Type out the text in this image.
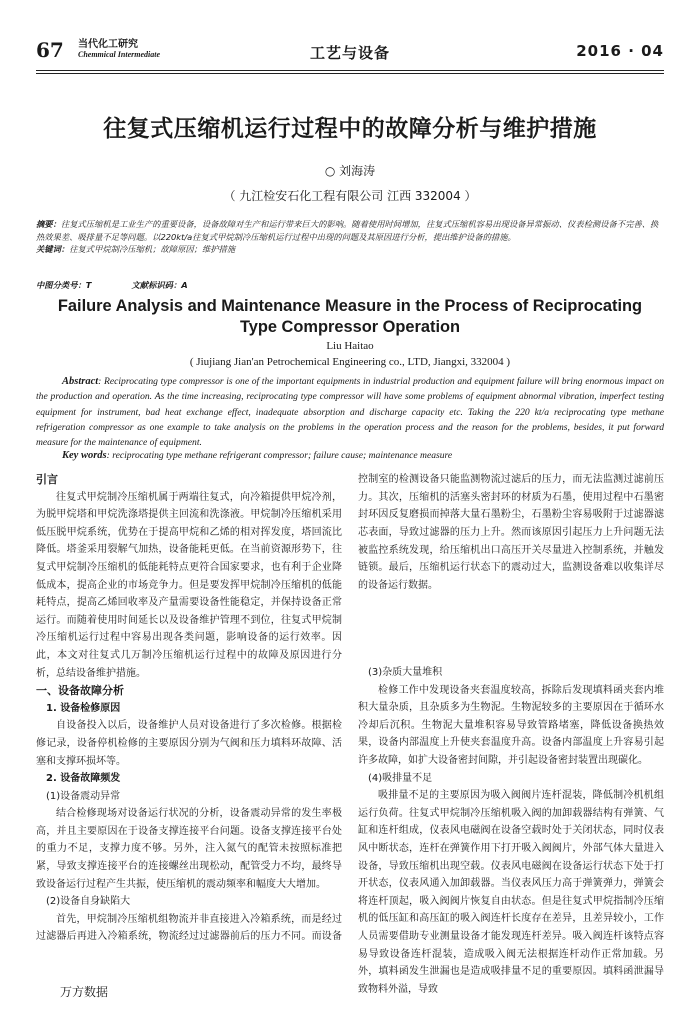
67 当代化工研究
Chemmical Intermediate	工艺与设备	2016 · 04
往复式压缩机运行过程中的故障分析与维护措施
○ 刘海涛
（ 九江检安石化工程有限公司 江西 332004 ）
摘要：往复式压缩机是工业生产的重要设备，设备故障对生产和运行带来巨大的影响。随着使用时间增加，往复式压缩机容易出现设备异常振动、仪表检测设备不完善、换热效果差、吸排量不足等问题。以220kt/a往复式甲烷制冷压缩机运行过程中出现的问题及其原因进行分析，提出维护设备的措施。
关键词：往复式甲烷制冷压缩机；故障原因；维护措施
中图分类号：T	文献标识码：A
Failure Analysis and Maintenance Measure in the Process of Reciprocating
Type Compressor Operation
Liu Haitao
( Jiujiang Jian'an Petrochemical Engineering co., LTD, Jiangxi, 332004 )
Abstract: Reciprocating type compressor is one of the important equipments in industrial production and equipment failure will bring enormous impact on the production and operation. As the time increasing, reciprocating type compressor will have some problems of equipment abnormal vibration, imperfect testing equipment for instrument, bad heat exchange effect, inadequate absorption and discharge capacity etc. Taking the 220 kt/a reciprocating type methane refrigeration compressor as one example to take analysis on the problems in the operation process and the reason for the problems, besides, it put forward measure for the maintenance of equipment.
Key words: reciprocating type methane refrigerant compressor; failure cause; maintenance measure

引言

往复式甲烷制冷压缩机属于两端往复式，向冷箱提供甲烷冷剂，为脱甲烷塔和甲烷洗涤塔提供主回流和洗涤液。甲烷制冷压缩机采用低压脱甲烷系统，优势在于提高甲烷和乙烯的相对挥发度，塔回流比降低。塔釜采用裂解气加热，设备能耗更低。在当前资源形势下，往复式甲烷制冷压缩机的低能耗特点更符合国家要求，也有利于企业降低成本，提高企业的市场竞争力。但是要发挥甲烷制冷压缩机的低能耗特点，提高乙烯回收率及产量需要设备性能稳定，并保持设备正常运行。而随着使用时间延长以及设备维护管理不到位，往复式甲烷制冷压缩机运行过程中容易出现各类问题，影响设备的运行效率。因此，本文对往复式几万制冷压缩机运行过程中的故障及原因进行分析，总结设备维护措施。

一、设备故障分析

1. 设备检修原因

自设备投入以后，设备维护人员对设备进行了多次检修。根据检修记录，设备停机检修的主要原因分别为气阀和压力填料环故障、活塞和支撑环损坏等。

2. 设备故障频发

(1)设备震动异常

结合检修现场对设备运行状况的分析，设备震动异常的发生率极高，并且主要原因在于设备支撑连接平台问题。设备支撑连接平台处的重力不足，支撑力度不够。另外，注入氮气的配管未按照标准把紧，导致支撑连接平台的连接螺丝出现松动，配管受力不均，最终导致设备运行过程产生共振，使压缩机的震动频率和幅度大大增加。

(2)设备自身缺陷大

首先，甲烷制冷压缩机组物流并非直接进入冷箱系统，而是经过过滤器后再进入冷箱系统，物流经过过滤器前后的压力不同。而设备

控制室的检测设备只能监测物流过滤后的压力，而无法监测过滤前压力。其次，压缩机的活塞头密封环的材质为石墨，使用过程中石墨密封环因反复磨损而掉落大量石墨粉尘，石墨粉尘容易吸附于过滤器滤芯表面，导致过滤器的压力上升。然而该原因引起压力上升问题无法被监控系统发现，给压缩机出口高压开关尽量进入控制系统，并触发链锁。最后，压缩机运行状态下的震动过大，监测设备难以收集详尽的设备运行数据。

(3)杂质大量堆积

检修工作中发现设备夹套温度较高，拆除后发现填料函夹套内堆积大量杂质，且杂质多为生物泥。生物泥较多的主要原因在于循环水冷却后沉积。生物泥大量堆积容易导致管路堵塞，降低设备换热效果，设备内部温度上升使夹套温度升高。设备内部温度上升容易引起许多故障，如扩大设备密封间隙，并引起设备密封装置出现碳化。

(4)吸排量不足

吸排量不足的主要原因为吸入阀阀片连杆混装，降低制冷机机组运行负荷。往复式甲烷制冷压缩机吸入阀的加卸载器结构有弹簧、气缸和连杆组成，仪表风电磁阀在设备空载时处于关闭状态，同时仪表风中断状态，连杆在弹簧作用下打开吸入阀阀片，外部气体大量进入设备，导致压缩机出现空载。仪表风电磁阀在设备运行状态下处于打开状态，仪表风通入加卸载器。当仪表风压力高于弹簧弹力，弹簧会将连杆顶起，吸入阀阀片恢复自由状态。但是往复式甲烷指制冷压缩机的低压缸和高压缸的吸入阀连杆长度存在差异，且差异较小，工作人员需要借助专业测量设备才能发现连杆差异。吸入阀连杆该特点容易导致设备连杆混装，造成吸入阀无法根据连杆动作正常加载。另外，填料函发生泄漏也是造成吸排量不足的重要原因。填料函泄漏导致物料外溢，导致

万方数据
